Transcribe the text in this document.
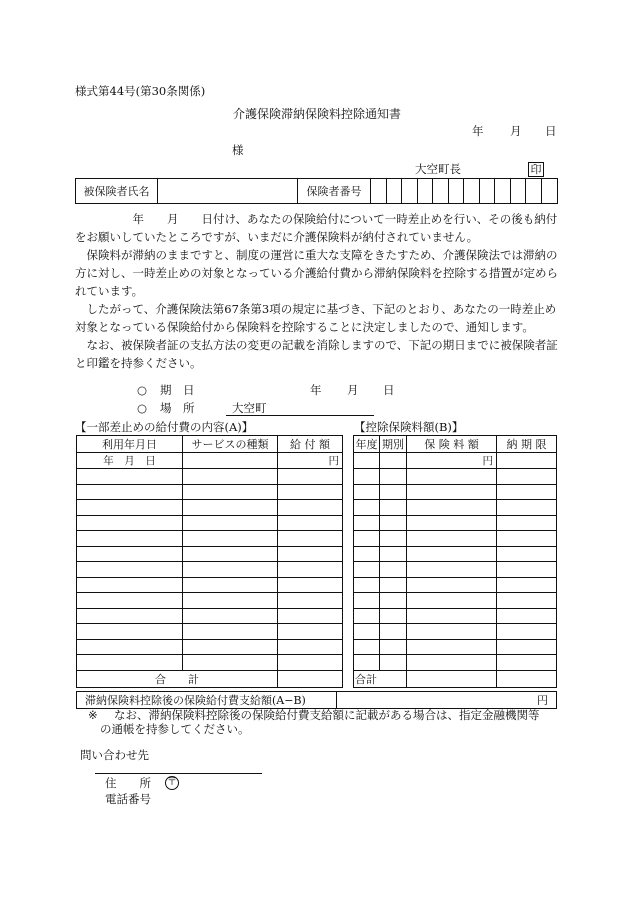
様式第44号(第30条関係)
介護保険滞納保険料控除通知書
年 月 日
様
大空町長	印
被保険者氏名		保険者番号												
　　年　　月　　日付け、あなたの保険給付について一時差止めを行い、その後も納付をお願いしていたところですが、いまだに介護保険料が納付されていません。
保険料が滞納のままですと、制度の運営に重大な支障をきたすため、介護保険法では滞納の方に対し、一時差止めの対象となっている介護給付費から滞納保険料を控除する措置が定められています。
したがって、介護保険法第67条第3項の規定に基づき、下記のとおり、あなたの一時差止め対象となっている保険給付から保険料を控除することに決定しましたので、通知します。
なお、被保険者証の支払方法の変更の記載を消除しますので、下記の期日までに被保険者証と印鑑を持参ください。
○ 期　日	年 月 日
○ 場　所	大空町
【一部差止めの給付費の内容(A)】	【控除保険料額(B)】
利用年月日	サービスの種類	給 付 額
年　 月　 日		円

合　　計		
年度	期別	保 険 料 額	納 期 限
		円	

合計			
滞納保険料控除後の保険給付費支給額(A−B)	円
※ なお、滞納保険料控除後の保険給付費支給額に記載がある場合は、指定金融機関等
の通帳を持参してください。
問い合わせ先
住　　所 〒
電話番号
